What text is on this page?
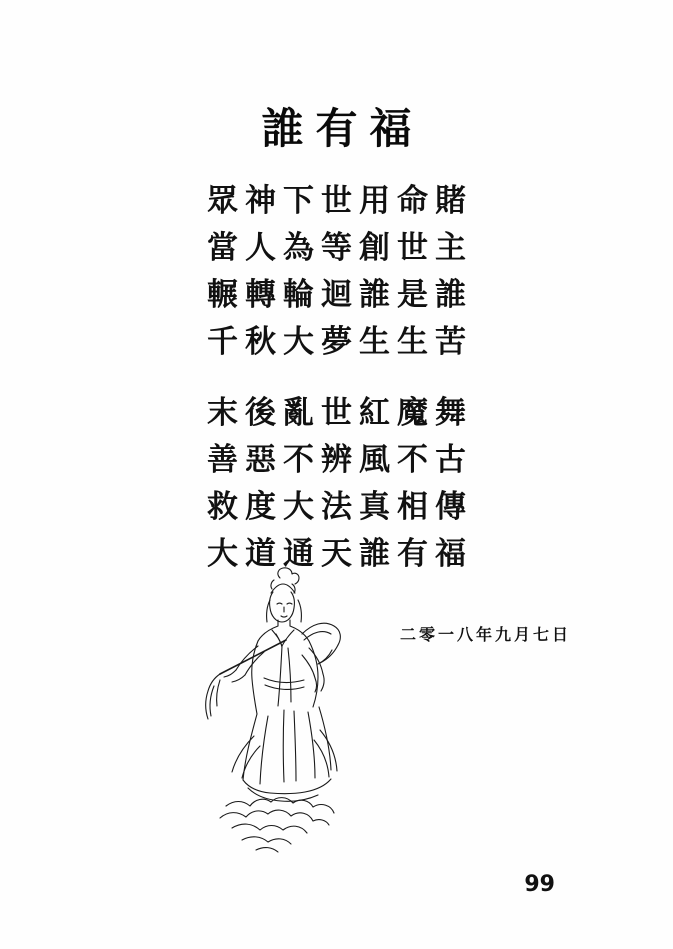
誰有福
眾神下世用命賭
當人為等創世主
輾轉輪迴誰是誰
千秋大夢生生苦
末後亂世紅魔舞
善惡不辨風不古
救度大法真相傳
大道通天誰有福
二零一八年九月七日
99
